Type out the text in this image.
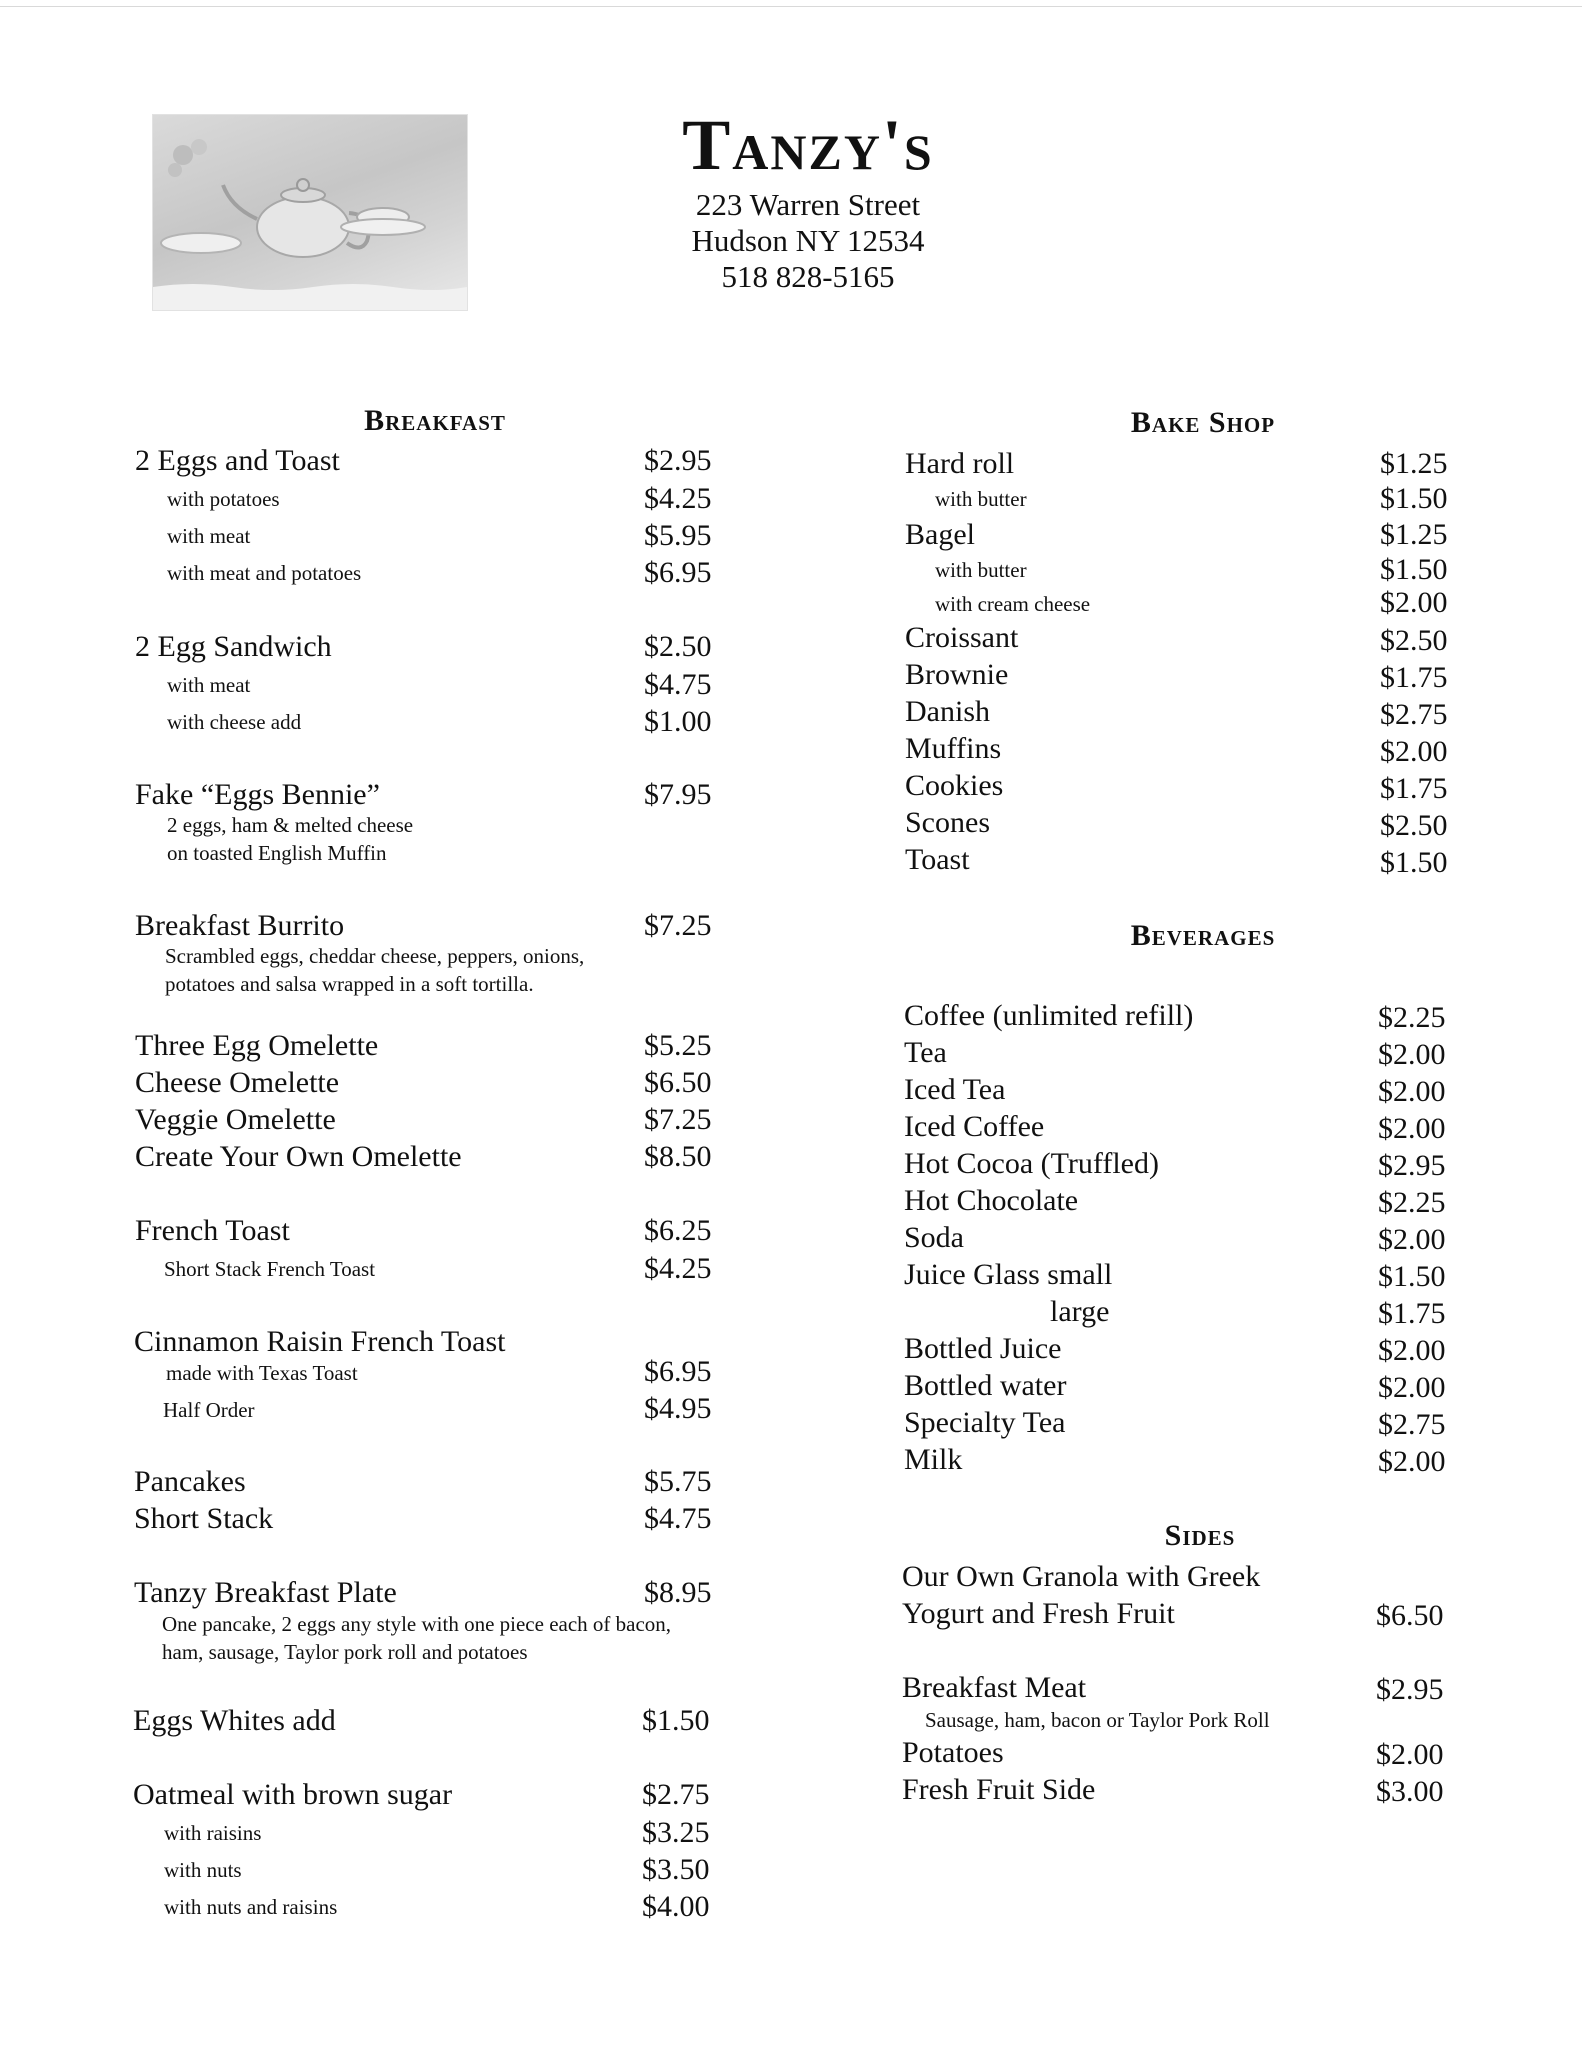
Tanzy's
223 Warren Street
Hudson NY 12534
518 828-5165
Breakfast
2 Eggs and Toast	$2.95
with potatoes	$4.25
with meat	$5.95
with meat and potatoes	$6.95
2 Egg Sandwich	$2.50
with meat	$4.75
with cheese add	$1.00
Fake “Eggs Bennie”	$7.95
2 eggs, ham & melted cheese
on toasted English Muffin
Breakfast Burrito	$7.25
Scrambled eggs, cheddar cheese, peppers, onions,
potatoes and salsa wrapped in a soft tortilla.
Three Egg Omelette	$5.25
Cheese Omelette	$6.50
Veggie Omelette	$7.25
Create Your Own Omelette	$8.50
French Toast	$6.25
Short Stack French Toast	$4.25
Cinnamon Raisin French Toast
made with Texas Toast	$6.95
Half Order	$4.95
Pancakes	$5.75
Short Stack	$4.75
Tanzy Breakfast Plate	$8.95
One pancake, 2 eggs any style with one piece each of bacon,
ham, sausage, Taylor pork roll and potatoes
Eggs Whites add	$1.50
Oatmeal with brown sugar	$2.75
with raisins	$3.25
with nuts	$3.50
with nuts and raisins	$4.00
Bake Shop
Hard roll	$1.25
with butter	$1.50
Bagel	$1.25
with butter	$1.50
with cream cheese	$2.00
Croissant	$2.50
Brownie	$1.75
Danish	$2.75
Muffins	$2.00
Cookies	$1.75
Scones	$2.50
Toast	$1.50
Beverages
Coffee (unlimited refill)	$2.25
Tea	$2.00
Iced Tea	$2.00
Iced Coffee	$2.00
Hot Cocoa (Truffled)	$2.95
Hot Chocolate	$2.25
Soda	$2.00
Juice Glass small	$1.50
large	$1.75
Bottled Juice	$2.00
Bottled water	$2.00
Specialty Tea	$2.75
Milk	$2.00
Sides
Our Own Granola with Greek
Yogurt and Fresh Fruit	$6.50
Breakfast Meat	$2.95
Sausage, ham, bacon or Taylor Pork Roll
Potatoes	$2.00
Fresh Fruit Side	$3.00
